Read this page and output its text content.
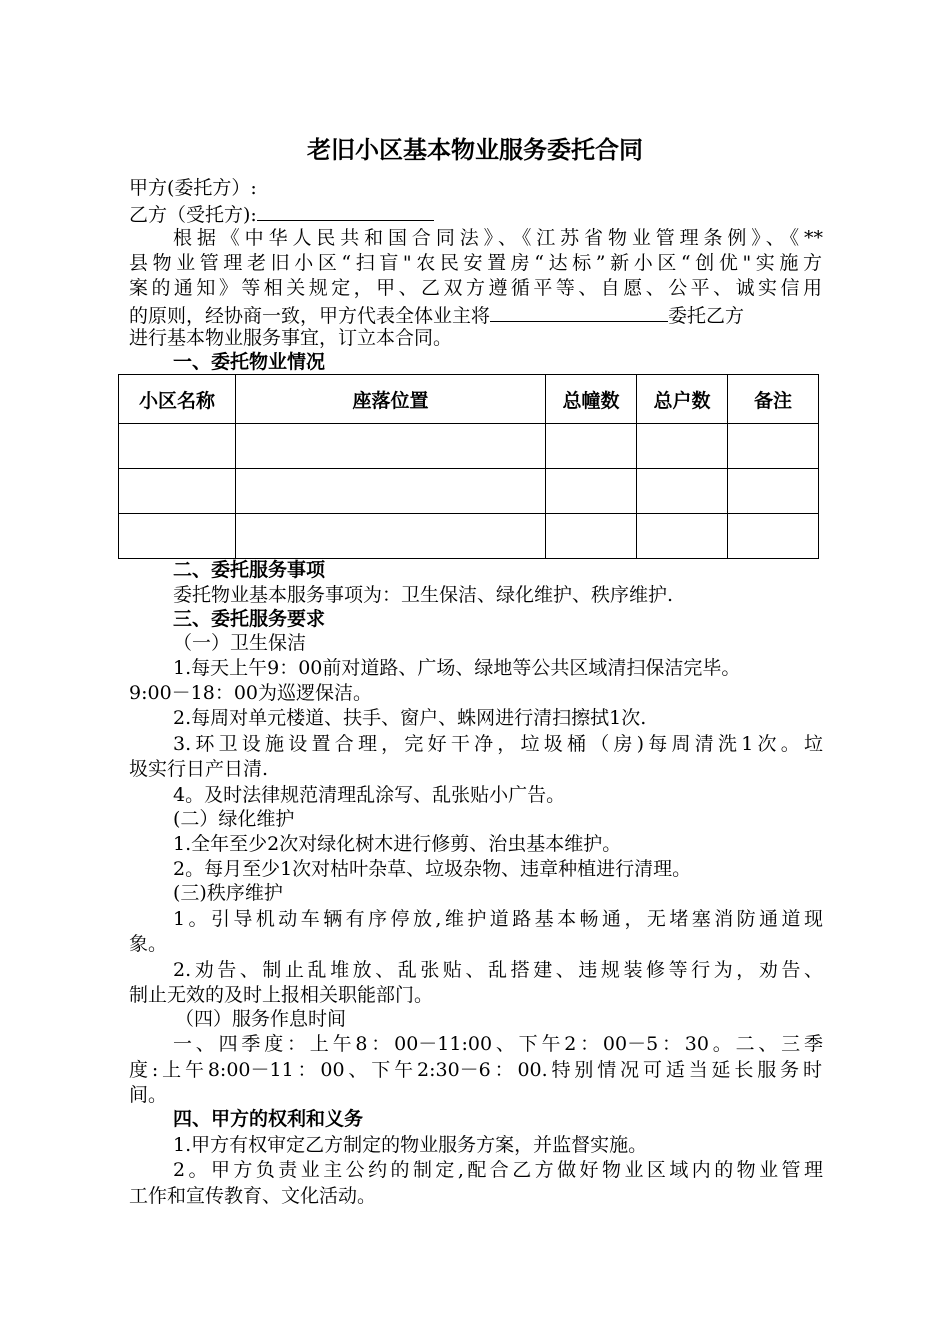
老旧小区基本物业服务委托合同

甲方(委托方）:

乙方（受托方):

根据《中华人民共和国合同法》、《江苏省物业管理条例》、《**

县物业管理老旧小区“扫盲"农民安置房“达标”新小区“创优"实施方

案的通知》等相关规定，甲、乙双方遵循平等、自愿、公平、诚实信用

的原则，经协商一致，甲方代表全体业主将	委托乙方

进行基本物业服务事宜，订立本合同。

一、委托物业情况

小区名称	座落位置	总幢数	总户数	备注

二、委托服务事项

委托物业基本服务事项为：卫生保洁、绿化维护、秩序维护.

三、委托服务要求

（一）卫生保洁

1.每天上午9：00前对道路、广场、绿地等公共区域清扫保洁完毕。

9:00－18：00为巡逻保洁。

2.每周对单元楼道、扶手、窗户、蛛网进行清扫擦拭1次.

3.环卫设施设置合理，完好干净，垃圾桶（房)每周清洗1次。垃

圾实行日产日清.

4。及时法律规范清理乱涂写、乱张贴小广告。

(二）绿化维护

1.全年至少2次对绿化树木进行修剪、治虫基本维护。

2。每月至少1次对枯叶杂草、垃圾杂物、违章种植进行清理。

(三)秩序维护

1。引导机动车辆有序停放,维护道路基本畅通，无堵塞消防通道现

象。

2.劝告、制止乱堆放、乱张贴、乱搭建、违规装修等行为，劝告、

制止无效的及时上报相关职能部门。

（四）服务作息时间

一、四季度：上午8：00－11:00、下午2：00－5：30。二、三季

度:上午8:00－11：00、下午2:30－6：00.特别情况可适当延长服务时

间。

四、甲方的权利和义务

1.甲方有权审定乙方制定的物业服务方案，并监督实施。

2。甲方负责业主公约的制定,配合乙方做好物业区域内的物业管理

工作和宣传教育、文化活动。
